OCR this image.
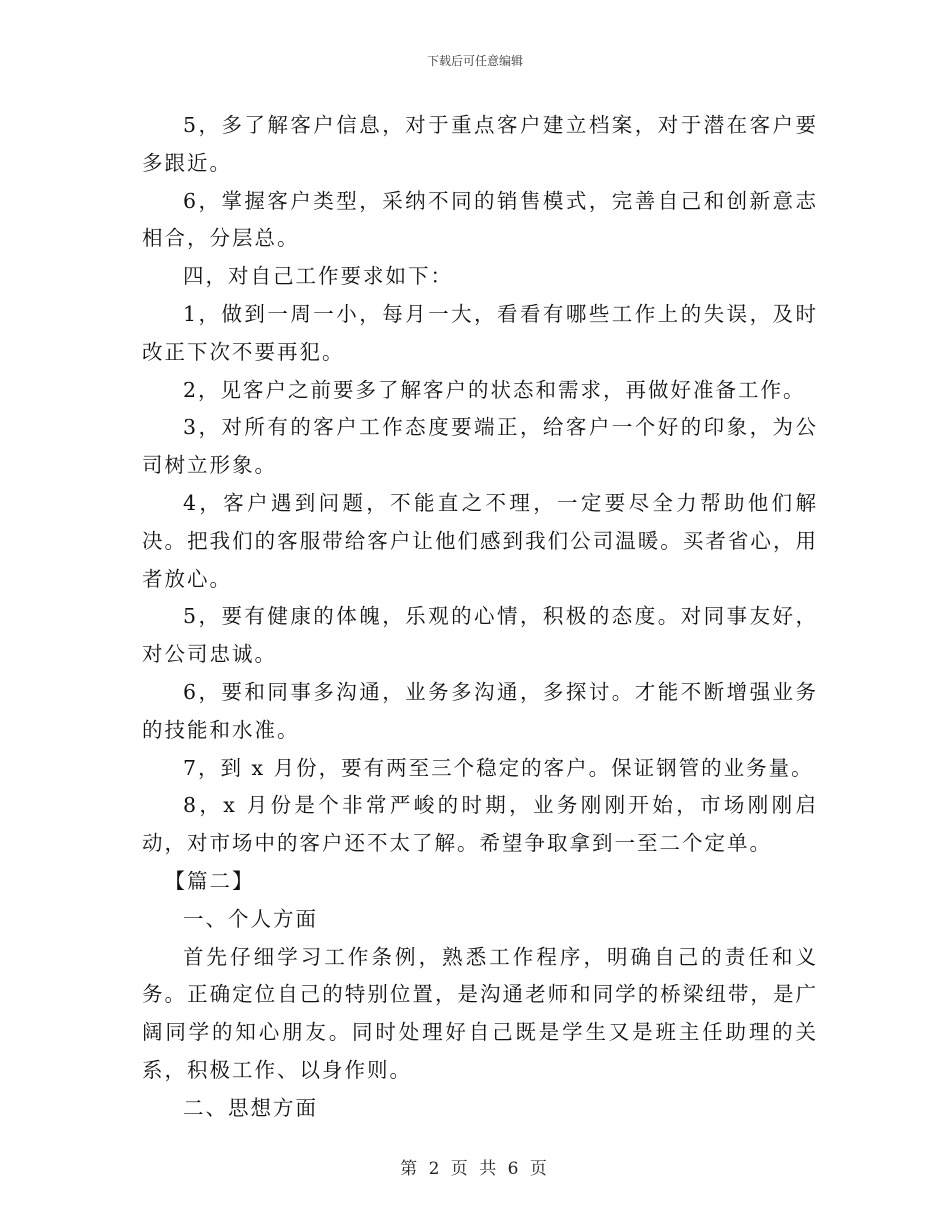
下载后可任意编辑

5，多了解客户信息，对于重点客户建立档案，对于潜在客户要多跟近。

6，掌握客户类型，采纳不同的销售模式，完善自己和创新意志相合，分层总。

四，对自己工作要求如下：

1，做到一周一小，每月一大，看看有哪些工作上的失误，及时改正下次不要再犯。

2，见客户之前要多了解客户的状态和需求，再做好准备工作。

3，对所有的客户工作态度要端正，给客户一个好的印象，为公司树立形象。

4，客户遇到问题，不能直之不理，一定要尽全力帮助他们解决。把我们的客服带给客户让他们感到我们公司温暖。买者省心，用者放心。

5，要有健康的体魄，乐观的心情，积极的态度。对同事友好，对公司忠诚。

6，要和同事多沟通，业务多沟通，多探讨。才能不断增强业务的技能和水准。

7，到 x 月份，要有两至三个稳定的客户。保证钢管的业务量。

8，x 月份是个非常严峻的时期，业务刚刚开始，市场刚刚启动，对市场中的客户还不太了解。希望争取拿到一至二个定单。

【篇二】

一、个人方面

首先仔细学习工作条例，熟悉工作程序，明确自己的责任和义务。正确定位自己的特别位置，是沟通老师和同学的桥梁纽带，是广阔同学的知心朋友。同时处理好自己既是学生又是班主任助理的关系，积极工作、以身作则。

二、思想方面

第 2 页 共 6 页
